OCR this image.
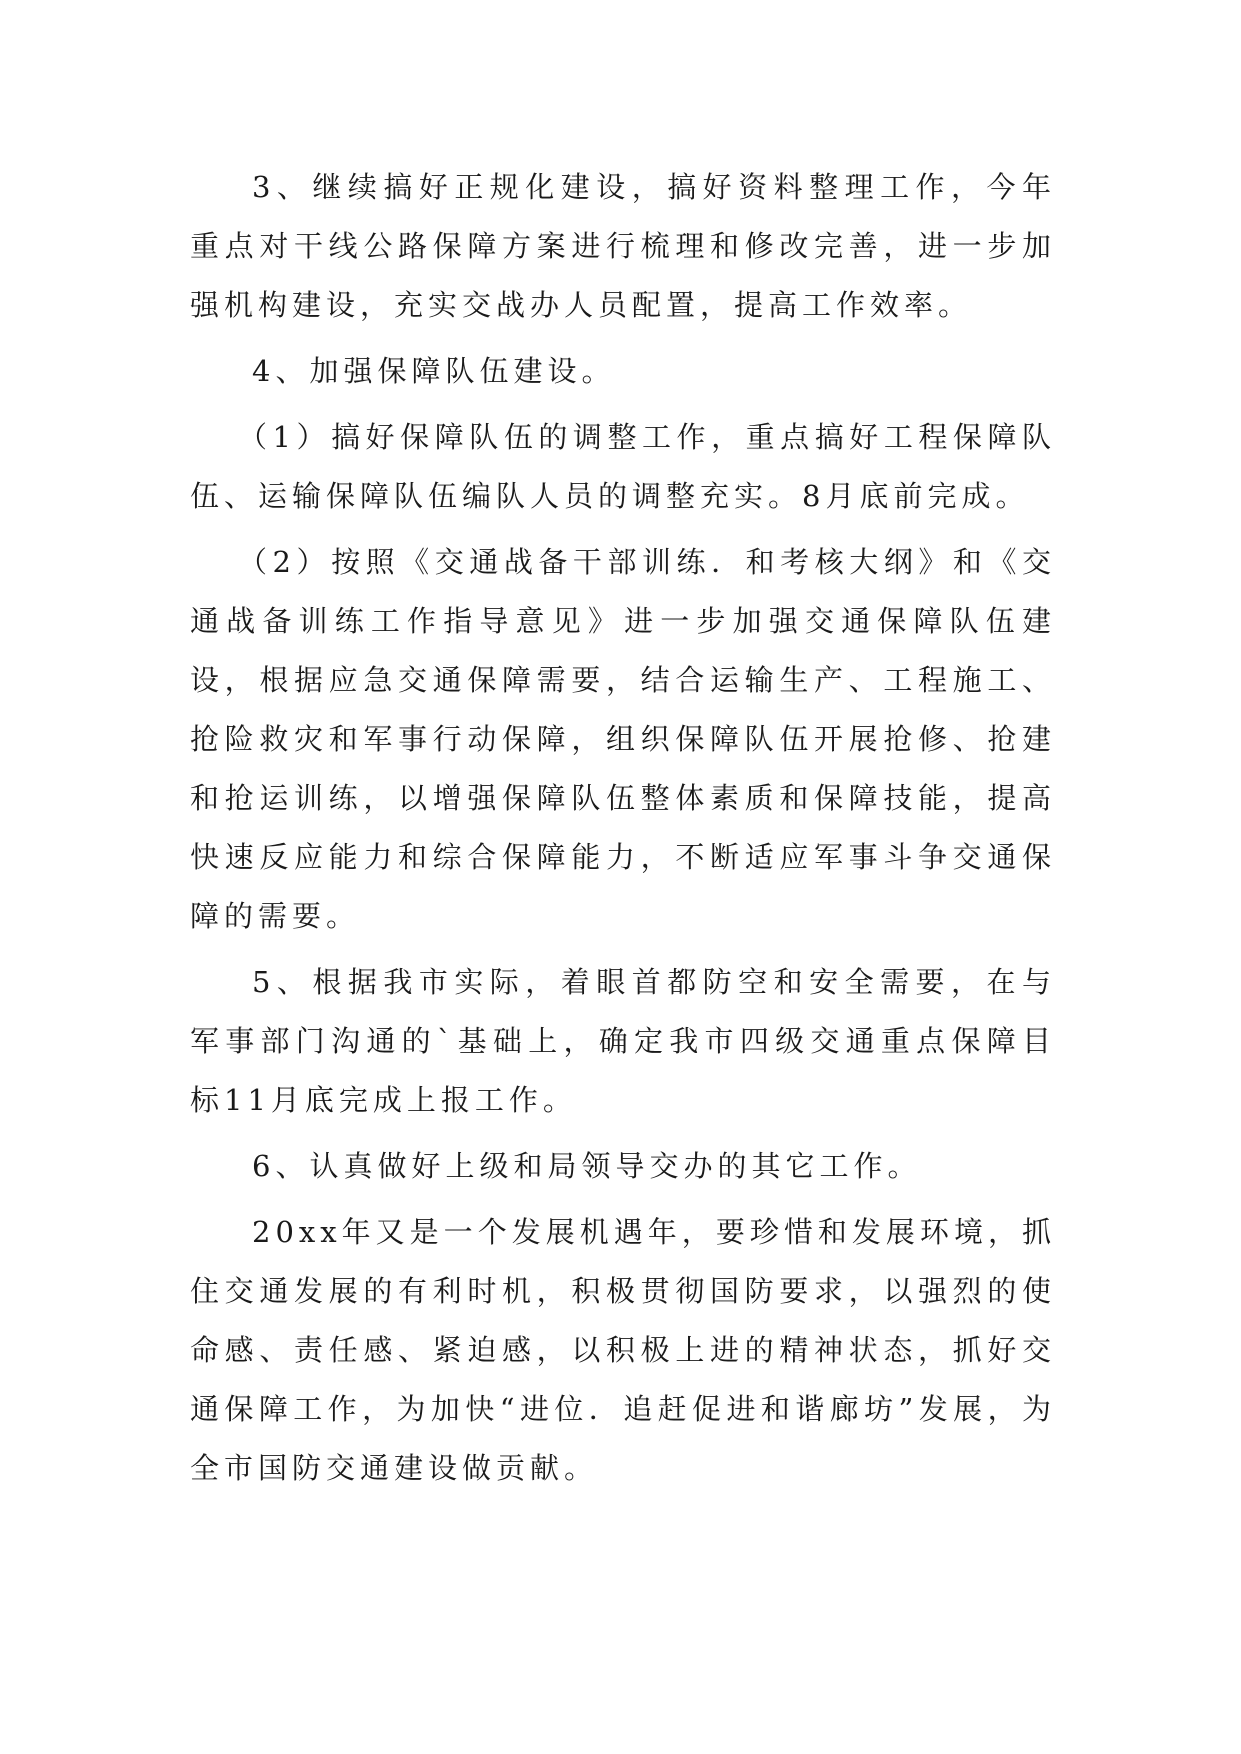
3、继续搞好正规化建设，搞好资料整理工作，今年重点对干线公路保障方案进行梳理和修改完善，进一步加强机构建设，充实交战办人员配置，提高工作效率。

4、加强保障队伍建设。

（1）搞好保障队伍的调整工作，重点搞好工程保障队伍、运输保障队伍编队人员的调整充实。8月底前完成。

（2）按照《交通战备干部训练．和考核大纲》和《交通战备训练工作指导意见》进一步加强交通保障队伍建设，根据应急交通保障需要，结合运输生产、工程施工、抢险救灾和军事行动保障，组织保障队伍开展抢修、抢建和抢运训练，以增强保障队伍整体素质和保障技能，提高快速反应能力和综合保障能力，不断适应军事斗争交通保障的需要。

5、根据我市实际，着眼首都防空和安全需要，在与军事部门沟通的`基础上，确定我市四级交通重点保障目标11月底完成上报工作。

6、认真做好上级和局领导交办的其它工作。

20xx年又是一个发展机遇年，要珍惜和发展环境，抓住交通发展的有利时机，积极贯彻国防要求，以强烈的使命感、责任感、紧迫感，以积极上进的精神状态，抓好交通保障工作，为加快“进位．追赶促进和谐廊坊”发展，为全市国防交通建设做贡献。
